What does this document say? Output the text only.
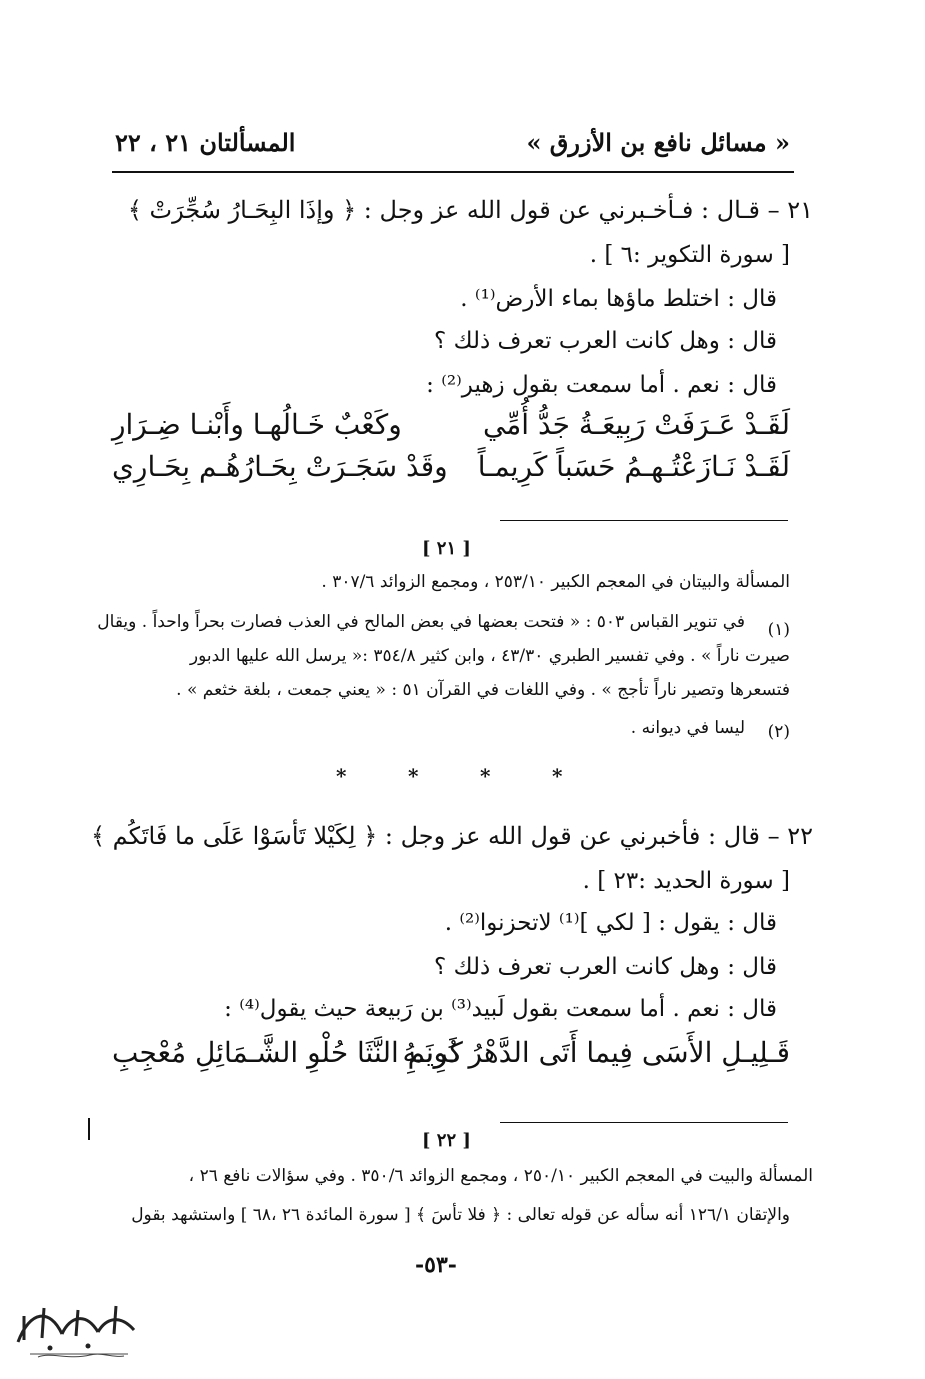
المسألتان ٢١ ، ٢٢	« مسائل نافع بن الأزرق »
٢١ – قـال : فـأخـبرني عن قول الله عز وجل : ﴿ وإذَا البِحَـارُ سُجِّرَتْ ﴾
[ سورة التكوير :٦ ] .
قال : اختلط ماؤها بماء الأرض⁽¹⁾ .
قال : وهل كانت العرب تعرف ذلك ؟
قال : نعم . أما سمعت بقول زهير⁽²⁾ :
لَقَـدْ عَـرَفَتْ رَبِيعَـةُ جَدُّ أُمِّي
وكَعْبٌ خَـالُهـا وأَبْنـا ضِـرَارِ
لَقَـدْ نَـازَعْتُـهـمُ حَسَباً كَرِيمـاً
وقَدْ سَجَـرَتْ بِحَـارُهُـم بِحَـارِي
[ ٢١ ]
المسألة والبيتان في المعجم الكبير ٢٥٣/١٠ ، ومجمع الزوائد ٣٠٧/٦ .
(١)
في تنوير القباس ٥٠٣ : « فتحت بعضها في بعض المالح في العذب فصارت بحراً واحداً . ويقال
صيرت ناراً » . وفي تفسير الطبري ٤٣/٣٠ ، وابن كثير ٣٥٤/٨ :« يرسل الله عليها الدبور
فتسعرها وتصير ناراً تأجج » . وفي اللغات في القرآن ٥١ : « يعني جمعت ، بلغة خثعم » .
(٢)
ليسا في ديوانه .
*	*	*	*
٢٢ – قال : فأخبرني عن قول الله عز وجل : ﴿ لِكَيْلا تَأسَوْا عَلَى ما فَاتَكُم ﴾
[ سورة الحديد :٢٣ ] .
قال : يقول : [ لكي ]⁽¹⁾ لاتحزنوا⁽²⁾ .
قال : وهل كانت العرب تعرف ذلك ؟
قال : نعم . أما سمعت بقول لَبيد⁽³⁾ بن رَبيعة حيث يقول⁽⁴⁾ :
قَـلِيـلِ الأَسَى فِيما أَتَى الدَّهْرُ دُونَـهُ
كَرِيمِ النَّثَا حُلْوِ الشَّـمَائِلِ مُعْجِبِ
[ ٢٢ ]
المسألة والبيت في المعجم الكبير ٢٥٠/١٠ ، ومجمع الزوائد ٣٥٠/٦ . وفي سؤالات نافع ٢٦ ،
والإتقان ١٢٦/١ أنه سأله عن قوله تعالى : ﴿ فلا تأسَ ﴾ [ سورة المائدة ٢٦ ،٦٨ ] واستشهد بقول
-٥٣-
